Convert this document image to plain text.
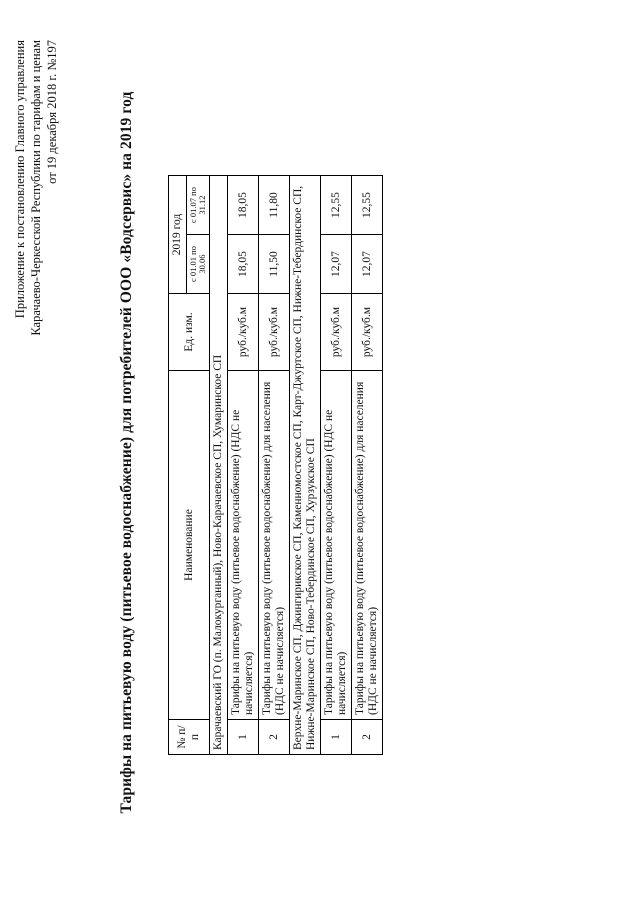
Приложение к постановлению Главного управления Карачаево-Черкесской Республики по тарифам и ценам от 19 декабря 2018 г. №197	Тарифы на питьевую воду (питьевое водоснабжение) для потребителей ООО «Водсервис» на 2019 год	№ п/ п	Наименование	Ед. изм.	2019 год	
			с 01.01 по 30.06	с 01.07 по 31.12
Карачаевский ГО (п. Малокурганный), Ново-Карачаевское СП, Хумаринское СП				
1	Тарифы на питьевую воду (питьевое водоснабжение) (НДС не начисляется)	руб./куб.м	18,05	18,05
2	Тарифы на питьевую воду (питьевое водоснабжение) для населения (НДС не начисляется)	руб./куб.м	11,50	11,80
Верхне-Маринское СП, Джингирикское СП, Каменномостское СП, Карт-Джуртское СП, Нижне-Тебердинское СП, Нижне-Маринское СП, Ново-Тебердинское СП, Хурзукское СП				
1	Тарифы на питьевую воду (питьевое водоснабжение) (НДС не начисляется)	руб./куб.м	12,07	12,55
2	Тарифы на питьевую воду (питьевое водоснабжение) для населения (НДС не начисляется)	руб./куб.м	12,07	12,55
